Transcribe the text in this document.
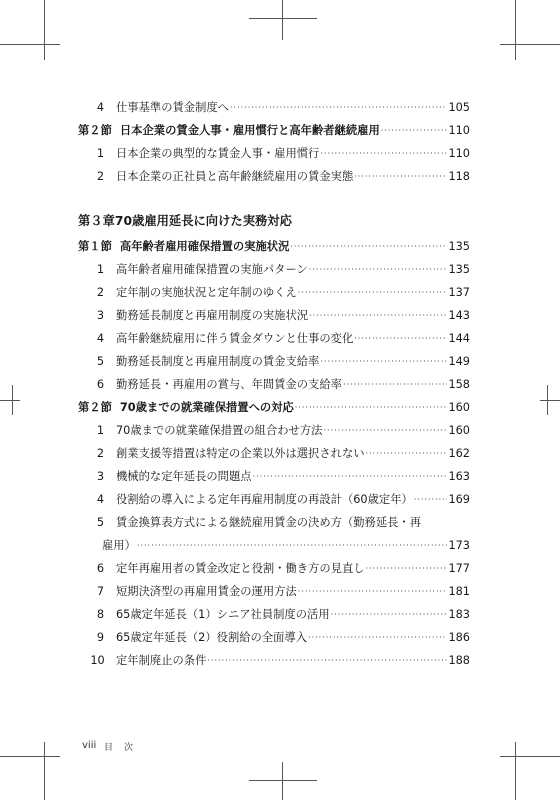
4	仕事基準の賃金制度へ ·····	105
第２節 日本企業の賃金人事・雇用慣行と高年齢者継続雇用 ·····	110
1	日本企業の典型的な賃金人事・雇用慣行 ·····	110
2	日本企業の正社員と高年齢継続雇用の賃金実態 ·····	118
第３章 70歳雇用延長に向けた実務対応
第１節 高年齢者雇用確保措置の実施状況 ·····	135
1	高年齢者雇用確保措置の実施パターン ·····	135
2	定年制の実施状況と定年制のゆくえ ·····	137
3	勤務延長制度と再雇用制度の実施状況 ·····	143
4	高年齢継続雇用に伴う賃金ダウンと仕事の変化 ·····	144
5	勤務延長制度と再雇用制度の賃金支給率 ·····	149
6	勤務延長・再雇用の賞与、年間賃金の支給率 ·····	158
第２節 70歳までの就業確保措置への対応 ·····	160
1	70歳までの就業確保措置の組合わせ方法 ·····	160
2	創業支援等措置は特定の企業以外は選択されない ·····	162
3	機械的な定年延長の問題点 ·····	163
4	役割給の導入による定年再雇用制度の再設計（60歳定年） ·····	169
5	賃金換算表方式による継続雇用賃金の決め方（勤務延長・再
雇用） ·····	173
6	定年再雇用者の賃金改定と役割・働き方の見直し ·····	177
7	短期決済型の再雇用賃金の運用方法 ·····	181
8	65歳定年延長（1）シニア社員制度の活用 ·····	183
9	65歳定年延長（2）役割給の全面導入 ·····	186
10	定年制廃止の条件 ·····	188
viii 目　次
